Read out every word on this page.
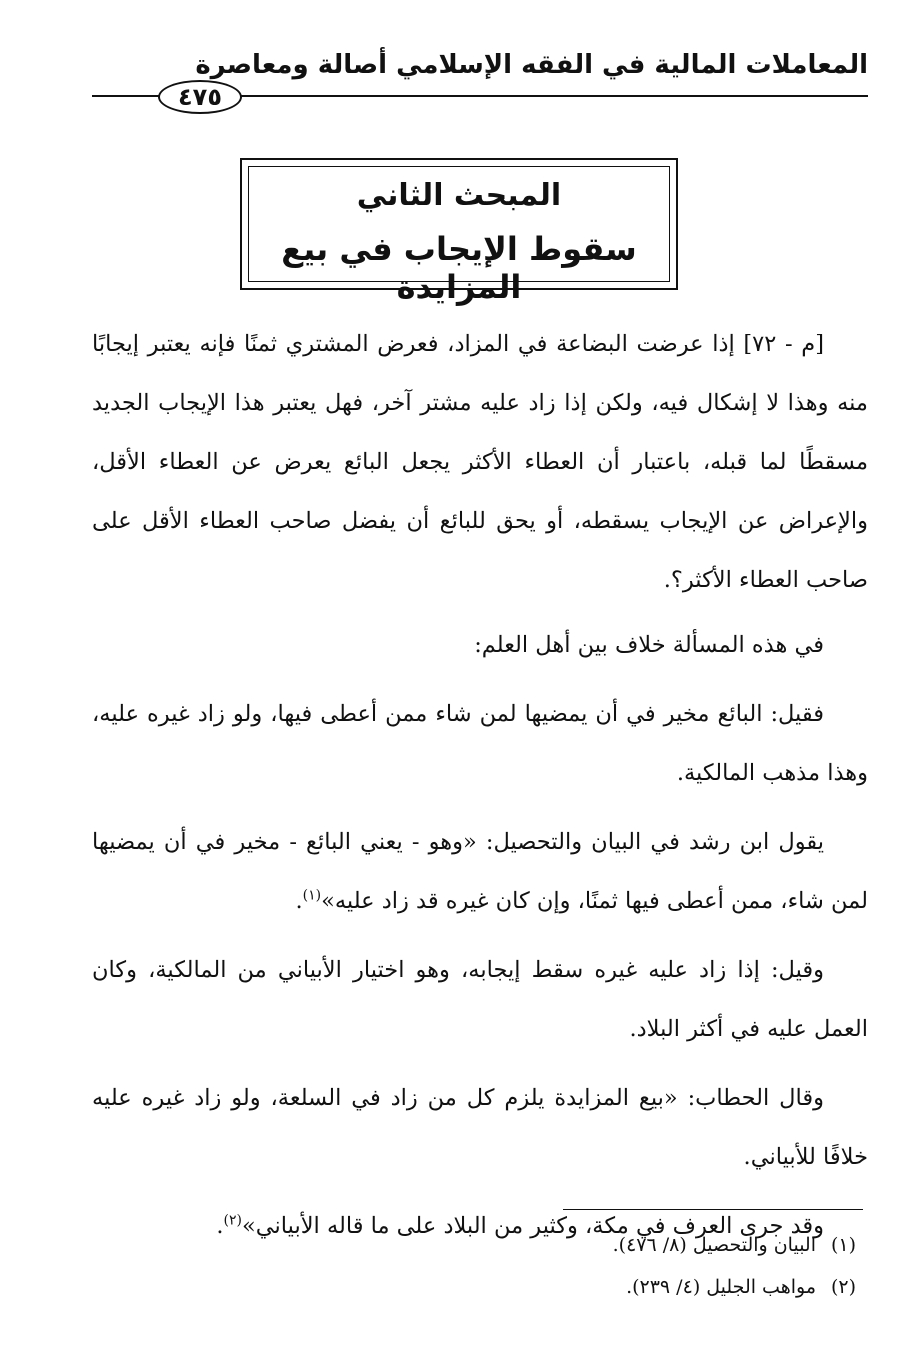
المعاملات المالية في الفقه الإسلامي أصالة ومعاصرة
٤٧٥
المبحث الثاني
سقوط الإيجاب في بيع المزايدة

[م - ٧٢] إذا عرضت البضاعة في المزاد، فعرض المشتري ثمنًا فإنه يعتبر إيجابًا منه وهذا لا إشكال فيه، ولكن إذا زاد عليه مشتر آخر، فهل يعتبر هذا الإيجاب الجديد مسقطًا لما قبله، باعتبار أن العطاء الأكثر يجعل البائع يعرض عن العطاء الأقل، والإعراض عن الإيجاب يسقطه، أو يحق للبائع أن يفضل صاحب العطاء الأقل على صاحب العطاء الأكثر؟.

في هذه المسألة خلاف بين أهل العلم:

فقيل: البائع مخير في أن يمضيها لمن شاء ممن أعطى فيها، ولو زاد غيره عليه، وهذا مذهب المالكية.

يقول ابن رشد في البيان والتحصيل: «وهو - يعني البائع - مخير في أن يمضيها لمن شاء، ممن أعطى فيها ثمنًا، وإن كان غيره قد زاد عليه»$^{(١)}$.

وقيل: إذا زاد عليه غيره سقط إيجابه، وهو اختيار الأبياني من المالكية، وكان العمل عليه في أكثر البلاد.

وقال الحطاب: «بيع المزايدة يلزم كل من زاد في السلعة، ولو زاد غيره عليه خلافًا للأبياني.

وقد جرى العرف في مكة، وكثير من البلاد على ما قاله الأبياني»$^{(٢)}$.

(١)البيان والتحصيل (٨/ ٤٧٦).
(٢)مواهب الجليل (٤/ ٢٣٩).
